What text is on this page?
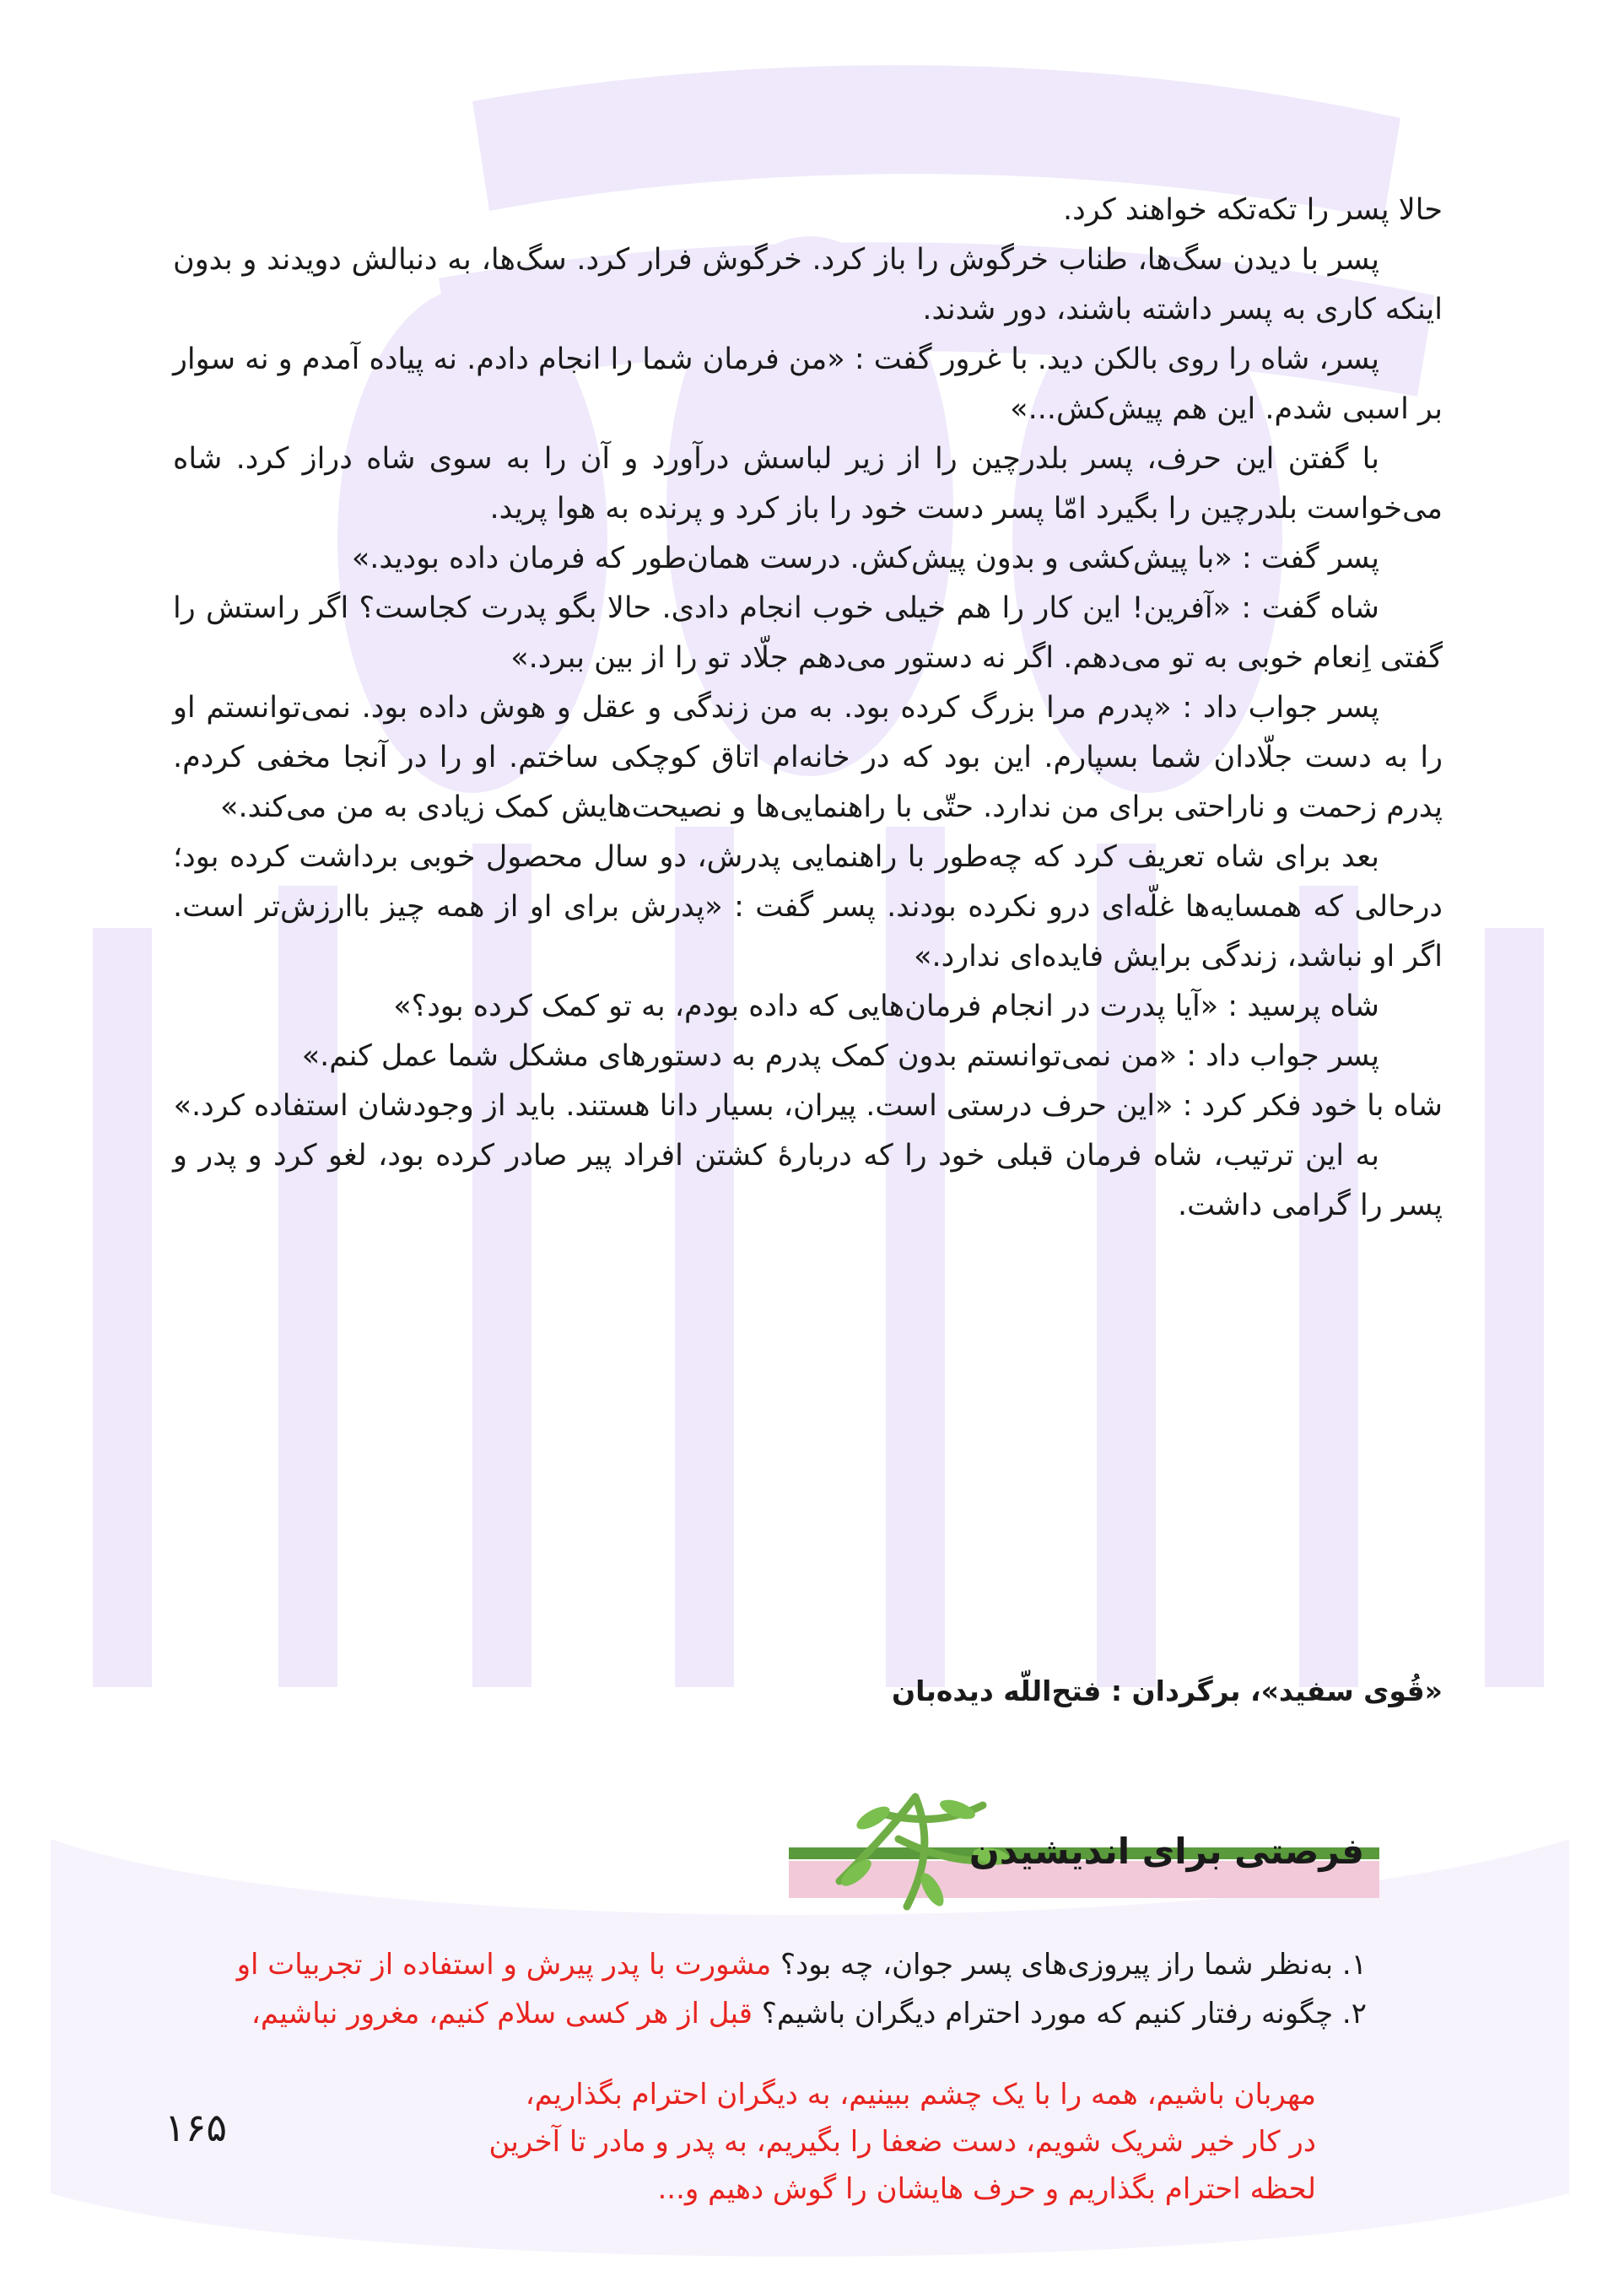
حالا پسر را تکه‌تکه خواهند کرد.

پسر با دیدن سگ‌ها، طناب خرگوش را باز کرد. خرگوش فرار کرد. سگ‌ها، به دنبالش دویدند و بدون اینکه کاری به پسر داشته باشند، دور شدند.

پسر، شاه را روی بالکن دید. با غرور گفت : «من فرمان شما را انجام دادم. نه پیاده آمدم و نه سوار بر اسبی شدم. این هم پیش‌کش...»

با گفتن این حرف، پسر بلدرچین را از زیر لباسش درآورد و آن را به سوی شاه دراز کرد. شاه می‌خواست بلدرچین را بگیرد امّا پسر دست خود را باز کرد و پرنده به هوا پرید.

پسر گفت : «با پیش‌کشی و بدون پیش‌کش. درست همان‌طور که فرمان داده بودید.»

شاه گفت : «آفرین! این کار را هم خیلی خوب انجام دادی. حالا بگو پدرت کجاست؟ اگر راستش را گفتی اِنعام خوبی به تو می‌دهم. اگر نه دستور می‌دهم جلّاد تو را از بین ببرد.»

پسر جواب داد : «پدرم مرا بزرگ کرده بود. به من زندگی و عقل و هوش داده بود. نمی‌توانستم او را به دست جلّادان شما بسپارم. این بود که در خانه‌ام اتاق کوچکی ساختم. او را در آنجا مخفی کردم. پدرم زحمت و ناراحتی برای من ندارد. حتّی با راهنمایی‌ها و نصیحت‌هایش کمک زیادی به من می‌کند.»

بعد برای شاه تعریف کرد که چه‌طور با راهنمایی پدرش، دو سال محصول خوبی برداشت کرده بود؛ درحالی که همسایه‌ها غلّه‌ای درو نکرده بودند. پسر گفت : «پدرش برای او از همه چیز باارزش‌تر است. اگر او نباشد، زندگی برایش فایده‌ای ندارد.»

شاه پرسید : «آیا پدرت در انجام فرمان‌هایی که داده بودم، به تو کمک کرده بود؟»

پسر جواب داد : «من نمی‌توانستم بدون کمک پدرم به دستورهای مشکل شما عمل کنم.»

شاه با خود فکر کرد : «این حرف درستی است. پیران، بسیار دانا هستند. باید از وجودشان استفاده کرد.»

به این ترتیب، شاه فرمان قبلی خود را که دربارهٔ کشتن افراد پیر صادر کرده بود، لغو کرد و پدر و پسر را گرامی داشت.

«قُوی سفید»، برگردان : فتح‌اللّه دیده‌بان
فرصتی برای اندیشیدن
۱. به‌نظر شما راز پیروزی‌های پسر جوان، چه بود؟ مشورت با پدر پیرش و استفاده از تجربیات او
۲. چگونه رفتار کنیم که مورد احترام دیگران باشیم؟ قبل از هر کسی سلام کنیم، مغرور نباشیم،
مهربان باشیم، همه را با یک چشم ببینیم، به دیگران احترام بگذاریم،
در کار خیر شریک شویم، دست ضعفا را بگیریم، به پدر و مادر تا آخرین
لحظه احترام بگذاریم و حرف هایشان را گوش دهیم و...
۱۶۵
